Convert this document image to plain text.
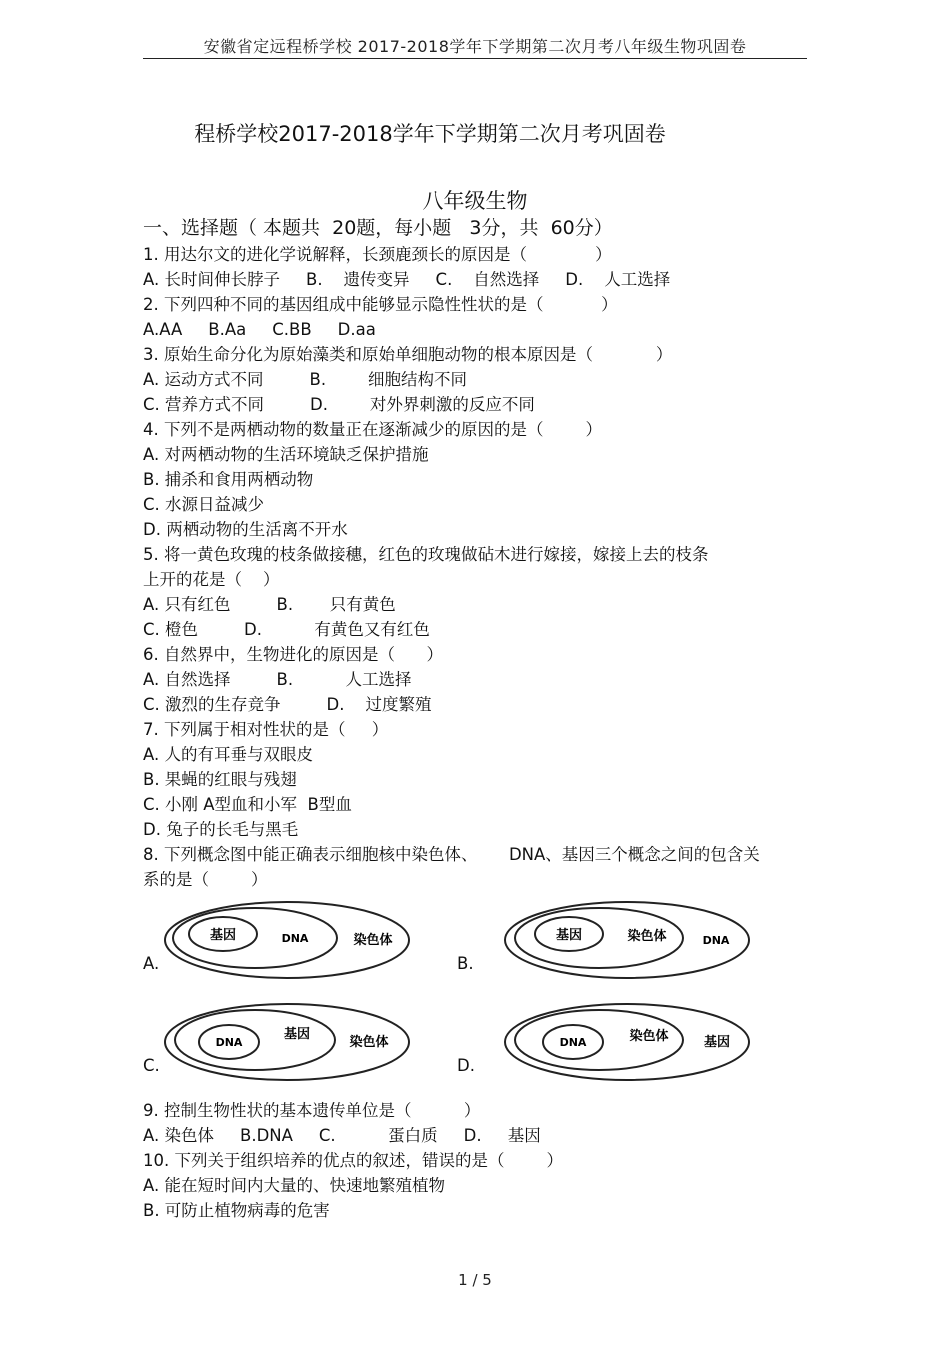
安徽省定远程桥学校 2017-2018学年下学期第二次月考八年级生物巩固卷
程桥学校2017-2018学年下学期第二次月考巩固卷
八年级生物
一、选择题（ 本题共  20题，每小题   3分，共  60分）
1. 用达尔文的进化学说解释，长颈鹿颈长的原因是（             ）
A. 长时间伸长脖子 B.    遗传变异 C.    自然选择 D.    人工选择
2. 下列四种不同的基因组成中能够显示隐性性状的是（           ）
A.AA B.Aa C.BB D.aa
3. 原始生命分化为原始藻类和原始单细胞动物的根本原因是（            ）
A. 运动方式不同	B.        细胞结构不同
C. 营养方式不同	D.        对外界刺激的反应不同
4. 下列不是两栖动物的数量正在逐渐减少的原因的是（        ）
A. 对两栖动物的生活环境缺乏保护措施
B. 捕杀和食用两栖动物
C. 水源日益减少
D. 两栖动物的生活离不开水
5. 将一黄色玫瑰的枝条做接穗，红色的玫瑰做砧木进行嫁接，嫁接上去的枝条
上开的花是（    ）
A. 只有红色	B.       只有黄色
C. 橙色	D.          有黄色又有红色
6. 自然界中，生物进化的原因是（      ）
A. 自然选择	B.          人工选择
C. 激烈的生存竞争	D.    过度繁殖
7. 下列属于相对性状的是（     ）
A. 人的有耳垂与双眼皮
B. 果蝇的红眼与残翅
C. 小刚 A型血和小军  B型血
D. 兔子的长毛与黑毛
8. 下列概念图中能正确表示细胞核中染色体、      DNA、基因三个概念之间的包含关
系的是（        ）
基因	DNA	染色体
A.
基因	染色体	DNA
B.
DNA
基因
染色体
C.
DNA	染色体	基因
D.
9. 控制生物性状的基本遗传单位是（          ）
A. 染色体 B.DNA C.          蛋白质 D.     基因
10. 下列关于组织培养的优点的叙述，错误的是（        ）
A. 能在短时间内大量的、快速地繁殖植物
B. 可防止植物病毒的危害
1 / 5
